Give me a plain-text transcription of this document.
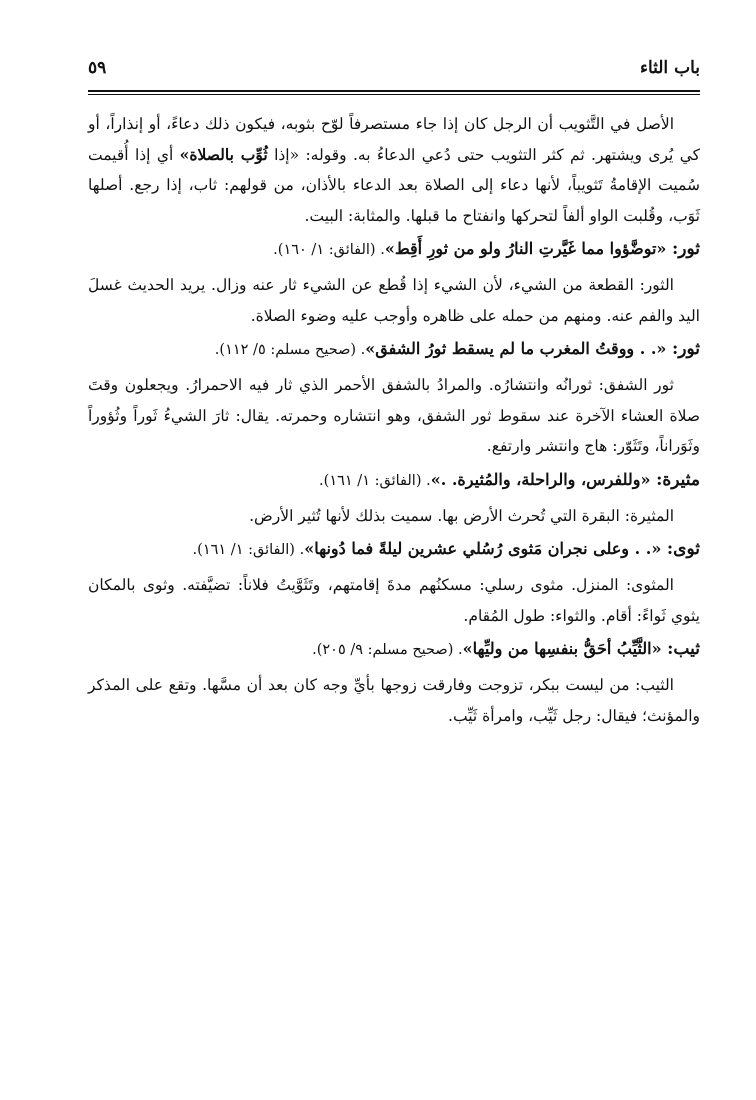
باب الثاء
٥٩

الأصل في التَّثويب أن الرجل كان إذا جاء مستصرفاً لوّح بثوبه، فيكون ذلك دعاءً، أو إنذاراً، أو كي يُرى ويشتهر. ثم كثر التثويب حتى دُعي الدعاءُ به. وقوله: «إذا ثُوِّب بالصلاة» أي إذا أُقيمت سُميت الإقامةُ تَثويباً، لأنها دعاء إلى الصلاة بعد الدعاء بالأذان، من قولهم: ثاب، إذا رجع. أصلها ثَوَب، وقُلبت الواو ألفاً لتحركها وانفتاح ما قبلها. والمثابة: البيت.

ثور: «توضَّؤوا مما غَيَّرتِ النارُ ولو من ثورِ أَقِط». (الفائق: ١/ ١٦٠).

الثور: القطعة من الشيء، لأن الشيء إذا قُطع عن الشيء ثار عنه وزال. يريد الحديث غسلَ اليد والفم عنه. ومنهم من حمله على ظاهره وأوجب عليه وضوء الصلاة.

ثور: «. . ووقتُ المغرب ما لم يسقط ثورُ الشفق». (صحيح مسلم: ٥/ ١١٢).

ثور الشفق: ثورانُه وانتشارُه. والمرادُ بالشفق الأحمر الذي ثار فيه الاحمرارُ. ويجعلون وقتَ صلاة العشاء الآخرة عند سقوط ثور الشفق، وهو انتشاره وحمرته. يقال: ثارَ الشيءُ ثَوراً وثُؤوراً وثَوَراناً، وتَثَوّر: هاج وانتشر وارتفع.

مثيرة: «وللفرس، والراحلة، والمُثيرة. .». (الفائق: ١/ ١٦١).

المثيرة: البقرة التي تُحرث الأرض بها. سميت بذلك لأنها تُثير الأرض.

ثوى: «. . وعلى نجران مَثوى رُسُلي عشرين ليلةً فما دُونها». (الفائق: ١/ ١٦١).

المثوى: المنزل. مثوى رسلي: مسكنُهم مدةَ إقامتهم، وتَثَوَّيتُ فلاناً: تضيَّفته. وثوى بالمكان يثوي ثَواءً: أقام. والثواء: طول المُقام.

ثيب: «الثَّيِّبُ أحَقُّ بنفسِها من وليِّها». (صحيح مسلم: ٩/ ٢٠٥).

الثيب: من ليست ببكر، تزوجت وفارقت زوجها بأيِّ وجه كان بعد أن مسَّها. وتقع على المذكر والمؤنث؛ فيقال: رجل ثَيِّب، وامرأة ثَيِّب.
